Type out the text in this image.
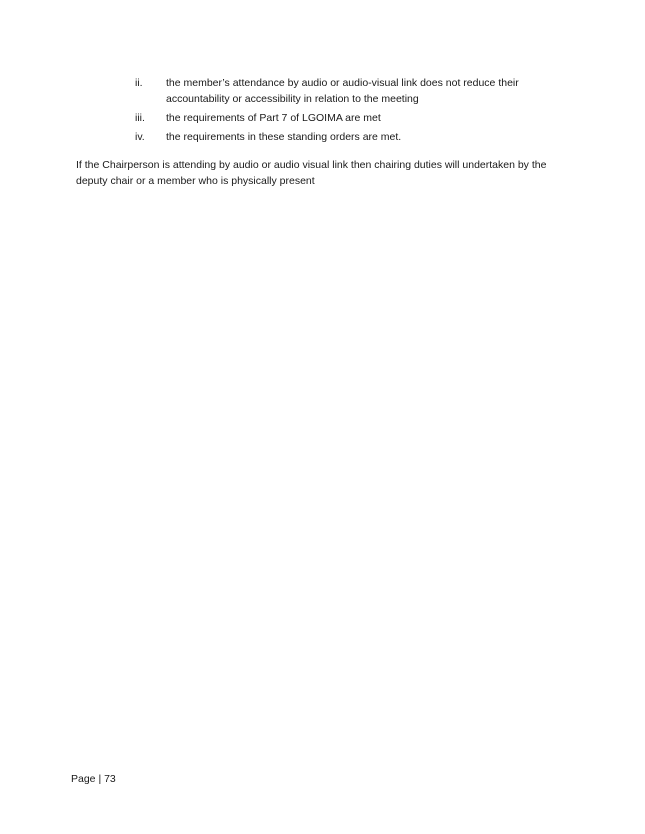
ii.	the member’s attendance by audio or audio-visual link does not reduce their accountability or accessibility in relation to the meeting
iii.	the requirements of Part 7 of LGOIMA are met
iv.	the requirements in these standing orders are met.

If the Chairperson is attending by audio or audio visual link then chairing duties will undertaken by the deputy chair or a member who is physically present

Page | 73
